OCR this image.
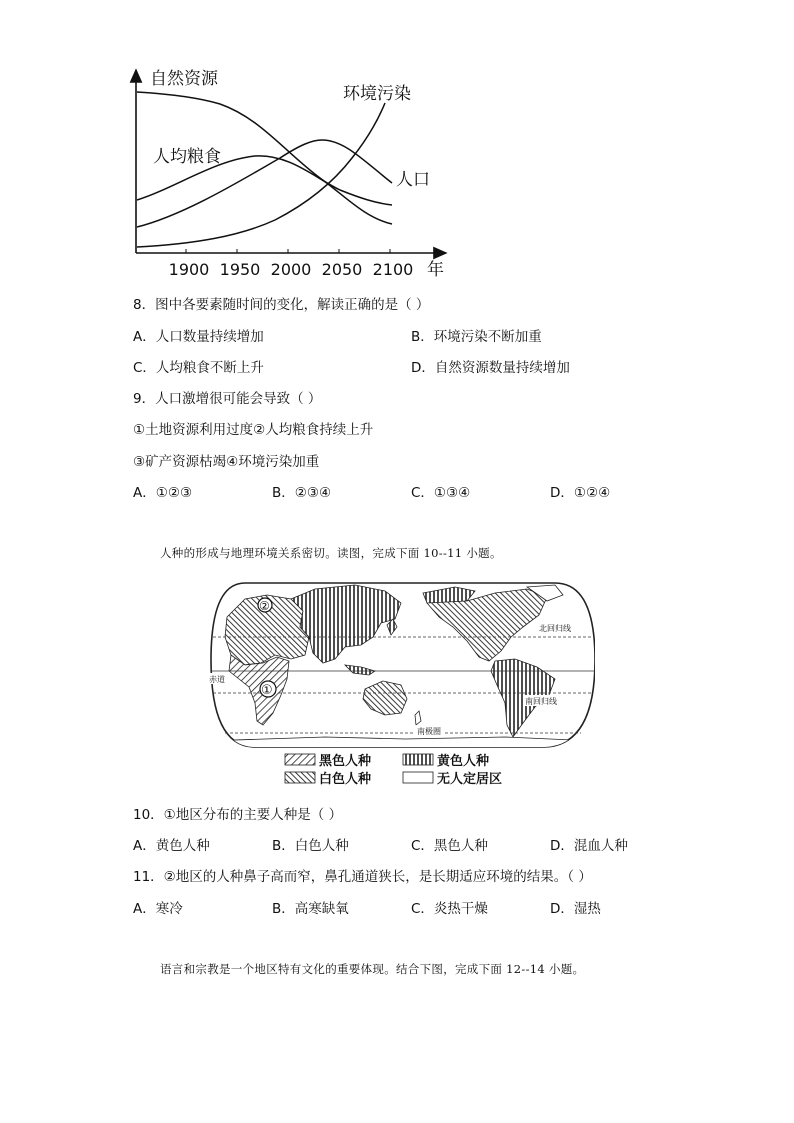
1900 1950 2000 2050 2100
自然资源
环境污染
人均粮食
人口
年
8．图中各要素随时间的变化，解读正确的是（ ）
A．人口数量持续增加	B．环境污染不断加重
C．人均粮食不断上升	D．自然资源数量持续增加
9．人口激增很可能会导致（ ）
①土地资源利用过度②人均粮食持续上升
③矿产资源枯竭④环境污染加重
A．①②③	B．②③④	C．①③④	D．①②④
人种的形成与地理环境关系密切。读图，完成下面 10--11 小题。
北回归线
赤道
南回归线
南极圈
①
②
黑色人种	黄色人种
白色人种	无人定居区
10．①地区分布的主要人种是（ ）
A．黄色人种	B．白色人种	C．黑色人种	D．混血人种
11．②地区的人种鼻子高而窄，鼻孔通道狭长，是长期适应环境的结果。（ ）
A．寒冷	B．高寒缺氧	C．炎热干燥	D．湿热
语言和宗教是一个地区特有文化的重要体现。结合下图，完成下面 12--14 小题。
